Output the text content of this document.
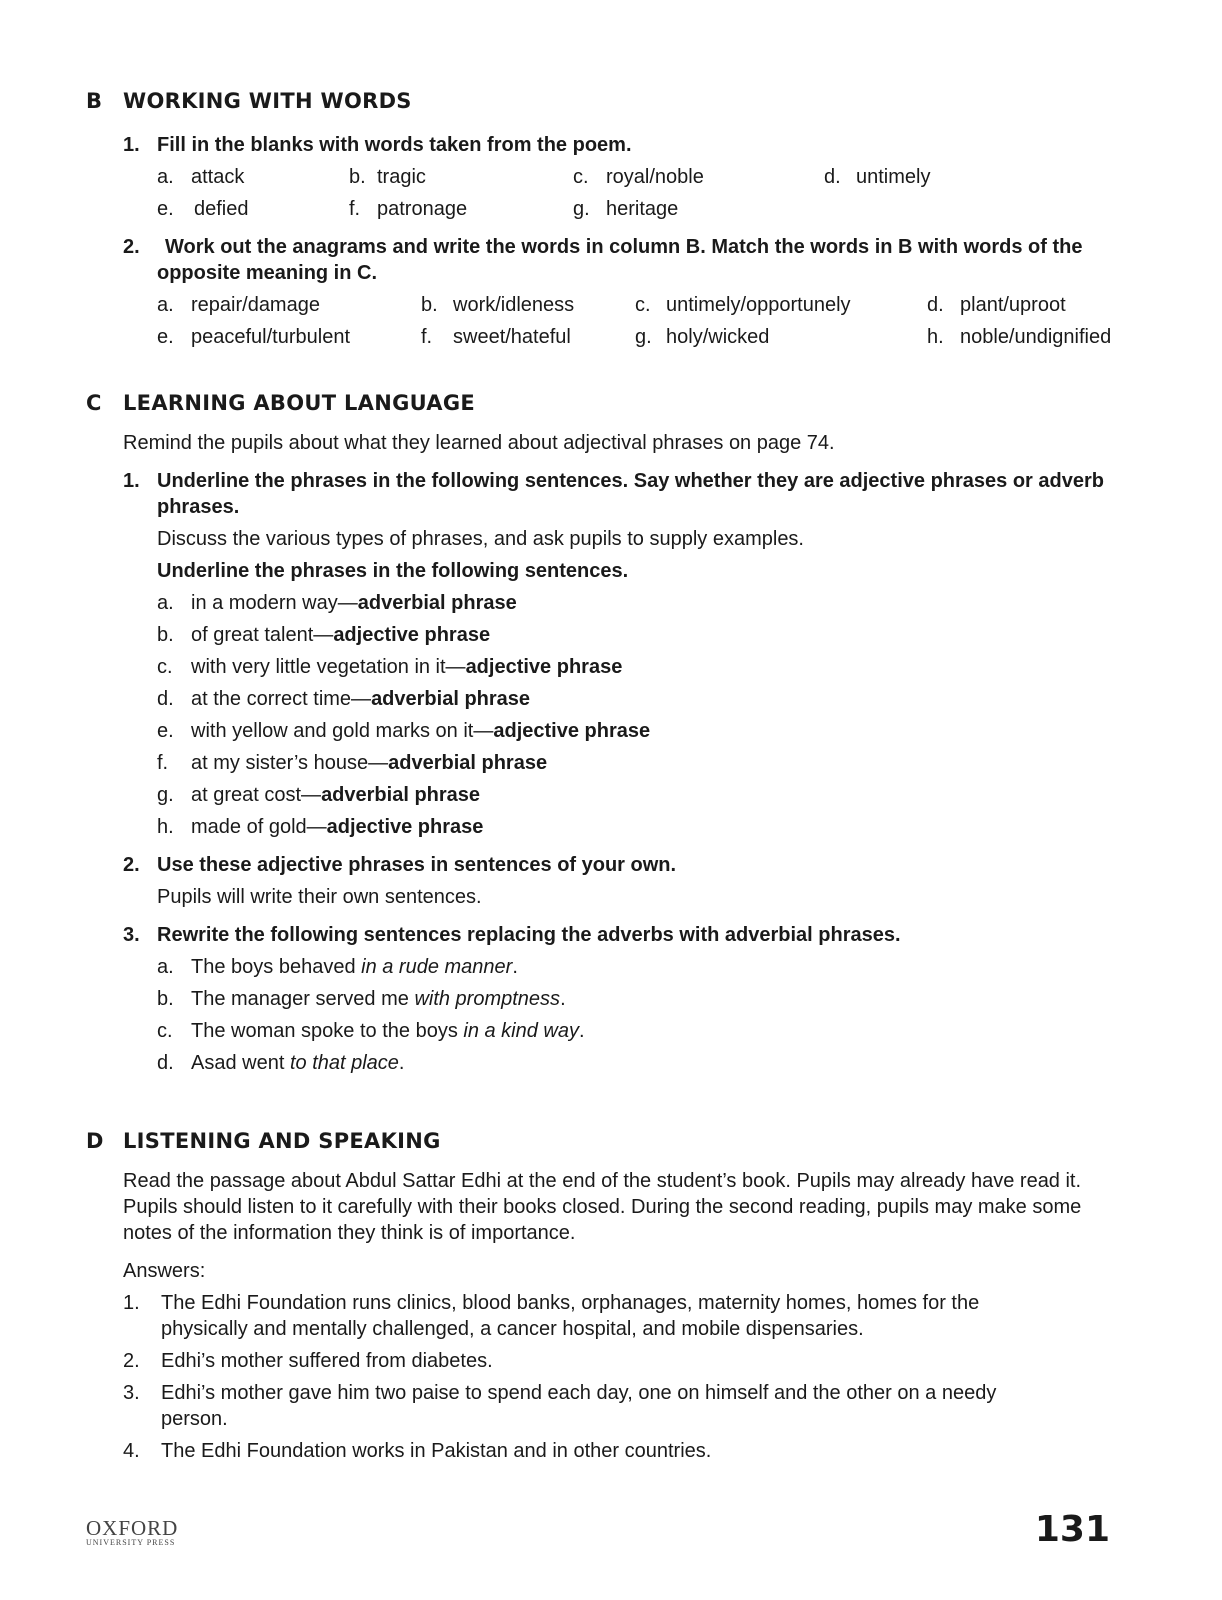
B WORKING WITH WORDS
1. Fill in the blanks with words taken from the poem.
a. attack	b. tragic	c. royal/noble	d. untimely
e. defied	f. patronage	g. heritage
2.	Work out the anagrams and write the words in column B. Match the words in B with words of the opposite meaning in C.
a. repair/damage	b. work/idleness	c. untimely/opportunely	d. plant/uproot
e. peaceful/turbulent	f. sweet/hateful	g. holy/wicked	h. noble/undignified
C LEARNING ABOUT LANGUAGE
Remind the pupils about what they learned about adjectival phrases on page 74.
1. Underline the phrases in the following sentences. Say whether they are adjective phrases or adverb phrases.
Discuss the various types of phrases, and ask pupils to supply examples.
Underline the phrases in the following sentences.
a. in a modern way—adverbial phrase
b. of great talent—adjective phrase
c. with very little vegetation in it—adjective phrase
d. at the correct time—adverbial phrase
e. with yellow and gold marks on it—adjective phrase
f. at my sister’s house—adverbial phrase
g. at great cost—adverbial phrase
h. made of gold—adjective phrase
2. Use these adjective phrases in sentences of your own.
Pupils will write their own sentences.
3. Rewrite the following sentences replacing the adverbs with adverbial phrases.
a. The boys behaved in a rude manner.
b. The manager served me with promptness.
c. The woman spoke to the boys in a kind way.
d. Asad went to that place.
D LISTENING AND SPEAKING
Read the passage about Abdul Sattar Edhi at the end of the student’s book. Pupils may already have read it. Pupils should listen to it carefully with their books closed. During the second reading, pupils may make some notes of the information they think is of importance.
Answers:
1. The Edhi Foundation runs clinics, blood banks, orphanages, maternity homes, homes for the physically and mentally challenged, a cancer hospital, and mobile dispensaries.
2. Edhi’s mother suffered from diabetes.
3. Edhi’s mother gave him two paise to spend each day, one on himself and the other on a needy person.
4. The Edhi Foundation works in Pakistan and in other countries.
OXFORD
UNIVERSITY PRESS	131
